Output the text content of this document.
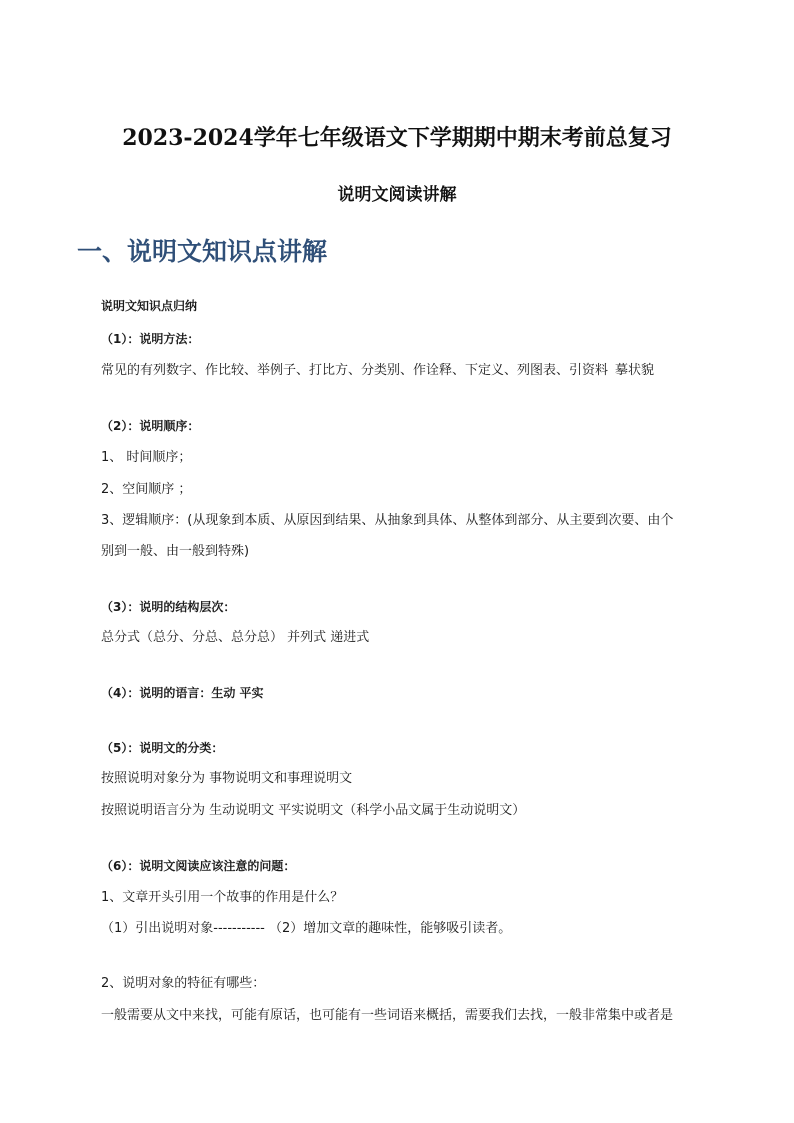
2023-2024学年七年级语文下学期期中期末考前总复习
说明文阅读讲解
一、说明文知识点讲解
说明文知识点归纳
（1）：说明方法：
常见的有列数字、作比较、举例子、打比方、分类别、作诠释、下定义、列图表、引资料 摹状貌
（2）：说明顺序：
1、 时间顺序；
2、空间顺序 ；
3、逻辑顺序：(从现象到本质、从原因到结果、从抽象到具体、从整体到部分、从主要到次要、由个
别到一般、由一般到特殊)
（3）：说明的结构层次：
总分式（总分、分总、总分总） 并列式 递进式
（4）：说明的语言：生动 平实
（5）：说明文的分类：
按照说明对象分为 事物说明文和事理说明文
按照说明语言分为 生动说明文 平实说明文（科学小品文属于生动说明文）
（6）：说明文阅读应该注意的问题：
1、文章开头引用一个故事的作用是什么？
（1）引出说明对象----------- （2）增加文章的趣味性，能够吸引读者。
2、说明对象的特征有哪些：
一般需要从文中来找，可能有原话，也可能有一些词语来概括，需要我们去找，一般非常集中或者是
